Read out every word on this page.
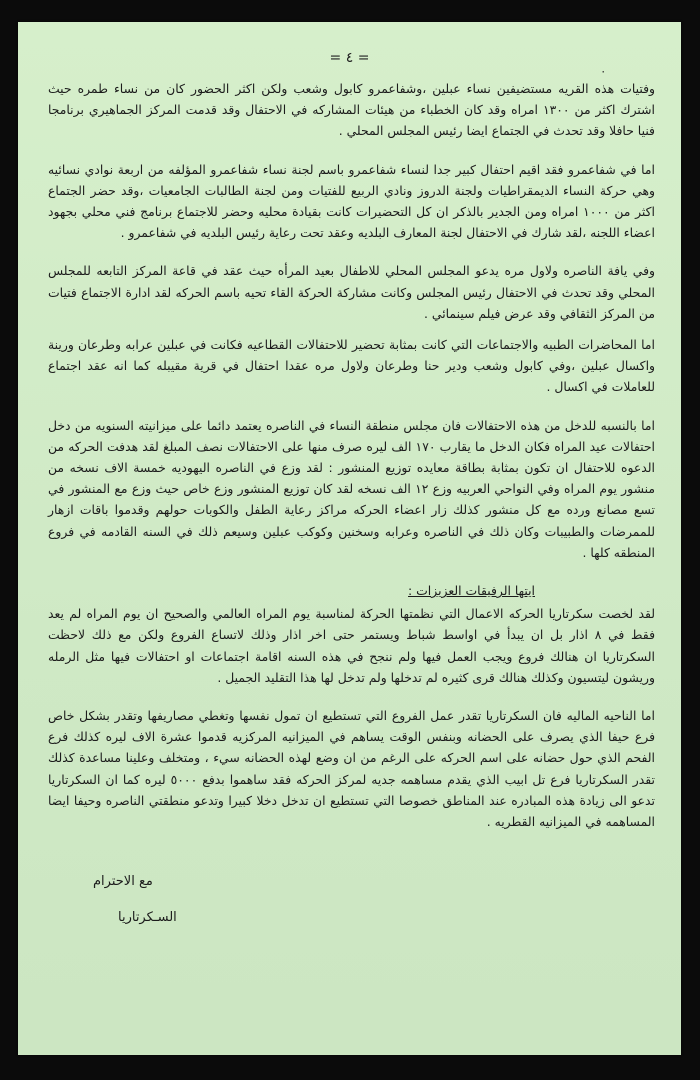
= ٤ =
٠

وفتيات هذه القريه مستضيفين نساء عبلين ،وشفاعمرو كابول وشعب ولكن اكثر الحضور كان من نساء طمره حيث اشترك اكثر من ١٣٠٠ امراه وقد كان الخطباء من هيئات المشاركه في الاحتفال وقد قدمت المركز الجماهيري برنامجا فنيا حافلا وقد تحدث في الجتماع ايضا رئيس المجلس المحلي .

اما في شفاعمرو فقد اقيم احتفال كبير جدا لنساء شفاعمرو باسم لجنة نساء شفاعمرو المؤلفه من اربعة نوادي نسائيه وهي حركة النساء الديمقراطيات ولجنة الدروز ونادي الربيع للفتيات ومن لجنة الطالبات الجامعيات ،وقد حضر الجتماع اكثر من ١٠٠٠ امراه ومن الجدير بالذكر ان كل التحضيرات كانت بقيادة محليه وحضر للاجتماع برنامج فني محلي بجهود اعضاء اللجنه ،لقد شارك في الاحتفال لجنة المعارف البلديه وعقد تحت رعاية رئيس البلديه في شفاعمرو .

وفي يافة الناصره ولاول مره يدعو المجلس المحلي للاطفال بعيد المرأه حيث عقد في قاعة المركز التابعه للمجلس المحلي وقد تحدث في الاحتفال رئيس المجلس وكانت مشاركة الحركة القاء تحيه باسم الحركه لقد ادارة الاجتماع فتيات من المركز الثقافي وقد عرض فيلم سينمائي .

اما المحاضرات الطبيه والاجتماعات التي كانت بمثابة تحضير للاحتفالات القطاعيه فكانت في عبلين عرابه وطرعان ورينة واكسال عبلين ،وفي كابول وشعب ودير حنا وطرعان ولاول مره عقدا احتفال في قرية مقيبله كما انه عقد اجتماع للعاملات في اكسال .

اما بالنسبه للدخل من هذه الاحتفالات فان مجلس منطقة النساء في الناصره يعتمد دائما على ميزانيته السنويه من دخل احتفالات عيد المراه فكان الدخل ما يقارب ١٧٠ الف ليره صرف منها على الاحتفالات نصف المبلغ لقد هدفت الحركه من الدعوه للاحتفال ان تكون بمثابة بطاقة معايده توزيع المنشور : لقد وزع في الناصره اليهوديه خمسة الاف نسخه من منشور يوم المراه وفي النواحي العربيه وزع ١٢ الف نسخه لقد كان توزيع المنشور وزع خاص حيث وزع مع المنشور في تسع مصانع ورده مع كل منشور كذلك زار اعضاء الحركه مراكز رعاية الطفل والكوبات حولهم وقدموا باقات ازهار للممرضات والطبيبات وكان ذلك في الناصره وعرابه وسخنين وكوكب عبلين وسيعم ذلك في السنه القادمه في فروع المنطقه كلها .

ايتها الرفيقات العزيزات :

لقد لخصت سكرتاريا الحركه الاعمال التي نظمتها الحركة لمناسبة يوم المراه العالمي والصحيح ان يوم المراه لم يعد فقط في ٨ اذار بل ان يبدأ في اواسط شباط ويستمر حتى اخر اذار وذلك لاتساع الفروع ولكن مع ذلك لاحظت السكرتاريا ان هنالك فروع ويجب العمل فيها ولم ننجح في هذه السنه اقامة اجتماعات او احتفالات فيها مثل الرمله وريشون ليتسيون وكذلك هنالك قرى كثيره لم تدخلها ولم تدخل لها هذا التقليد الجميل .

اما الناحيه الماليه فان السكرتاريا تقدر عمل الفروع التي تستطيع ان تمول نفسها وتغطي مصاريفها وتقدر بشكل خاص فرع حيفا الذي يصرف على الحضانه وبنفس الوقت يساهم في الميزانيه المركزيه قدموا عشرة الاف ليره كذلك فرع الفحم الذي حول حضانه على اسم الحركه على الرغم من ان وضع لهذه الحضانه سيء ، ومتخلف وعلينا مساعدة كذلك تقدر السكرتاريا فرع تل ابيب الذي يقدم مساهمه جديه لمركز الحركه فقد ساهموا بدفع ٥٠٠٠ ليره كما ان السكرتاريا تدعو الى زيادة هذه المبادره عند المناطق خصوصا التي تستطيع ان تدخل دخلا كبيرا وتدعو منطقتي الناصره وحيفا ايضا المساهمه في الميزانيه القطريه .

مع الاحترام
السـكرتاريا
